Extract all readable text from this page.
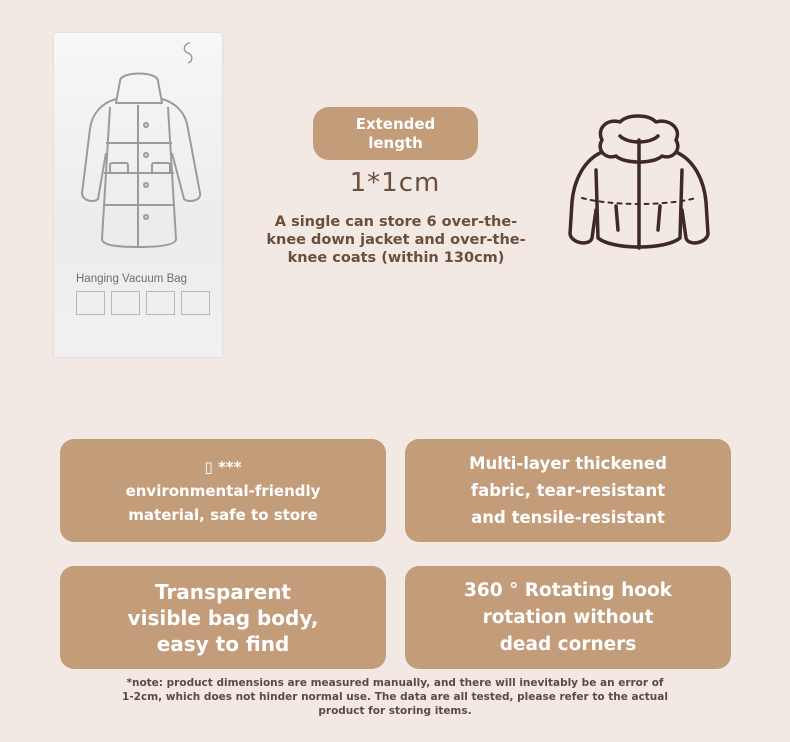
Hanging Vacuum Bag
Extended length
1*1cm
A single can store 6 over-the-knee down jacket and over-the-knee coats (within 130cm)
▯ ***
environmental-friendly
material, safe to store
Multi-layer thickened
fabric, tear-resistant
and tensile-resistant
Transparent
visible bag body,
easy to find
360 ° Rotating hook
rotation without
dead corners
*note: product dimensions are measured manually, and there will inevitably be an error of 1-2cm, which does not hinder normal use. The data are all tested, please refer to the actual product for storing items.
